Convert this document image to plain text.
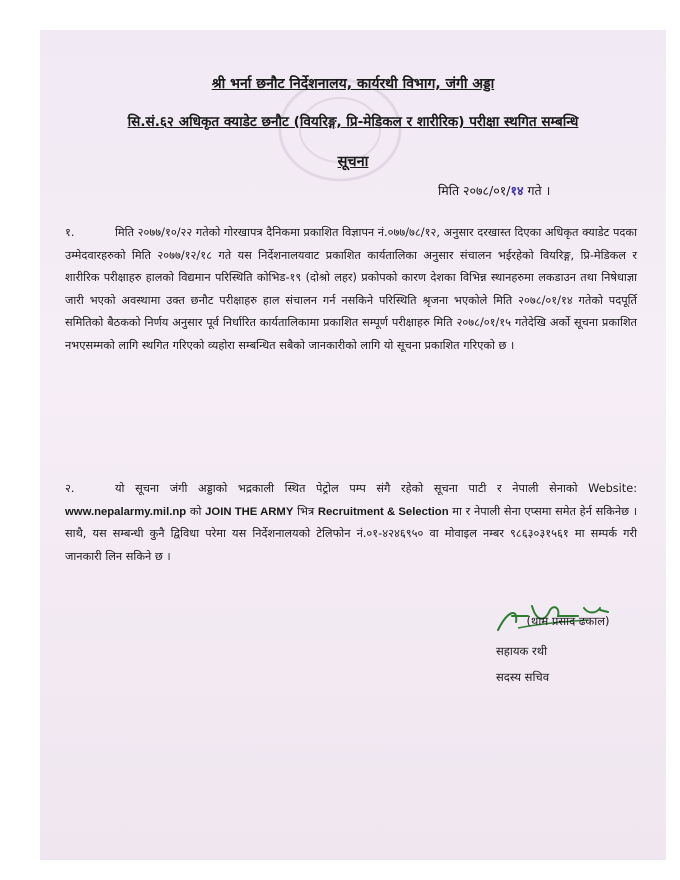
श्री भर्ना छनौट निर्देशनालय, कार्यरथी विभाग, जंगी अड्डा
सि.सं.६२ अधिकृत क्याडेट छनौट (वियरिङ्ग, प्रि-मेडिकल र शारीरिक) परीक्षा स्थगित सम्बन्धि
सूचना
मिति २०७८/०१/१४ गते ।
१.	मिति २०७७/१०/२२ गतेको गोरखापत्र दैनिकमा प्रकाशित विज्ञापन नं.०७७/७८/१२, अनुसार दरखास्त दिएका अधिकृत क्याडेट पदका उम्मेदवारहरुको मिति २०७७/१२/१८ गते यस निर्देशनालयवाट प्रकाशित कार्यतालिका अनुसार संचालन भईरहेको वियरिङ्ग, प्रि-मेडिकल र शारीरिक परीक्षाहरु हालको विद्यमान परिस्थिति कोभिड-१९ (दोश्रो लहर) प्रकोपको कारण देशका विभिन्न स्थानहरुमा लकडाउन तथा निषेधाज्ञा जारी भएको अवस्थामा उक्त छनौट परीक्षाहरु हाल संचालन गर्न नसकिने परिस्थिति श्रृजना भएकोले मिति २०७८/०१/१४ गतेको पदपूर्ति समितिको बैठकको निर्णय अनुसार पूर्व निर्धारित कार्यतालिकामा प्रकाशित सम्पूर्ण परीक्षाहरु मिति २०७८/०१/१५ गतेदेखि अर्को सूचना प्रकाशित नभएसम्मको लागि स्थगित गरिएको व्यहोरा सम्बन्धित सबैको जानकारीको लागि यो सूचना प्रकाशित गरिएको छ ।
२.	यो सूचना जंगी अड्डाको भद्रकाली स्थित पेट्रोल पम्प संगै रहेको सूचना पाटी र नेपाली सेनाको Website: www.nepalarmy.mil.np को JOIN THE ARMY भित्र Recruitment & Selection मा र नेपाली सेना एप्समा समेत हेर्न सकिनेछ । साथै, यस सम्बन्धी कुनै द्विविधा परेमा यस निर्देशनालयको टेलिफोन नं.०१-४२४६९५० वा मोवाइल नम्बर ९८६३०३१५६१ मा सम्पर्क गरी जानकारी लिन सकिने छ ।
(थाम प्रसाद ढकाल)
सहायक रथी
सदस्य सचिव
